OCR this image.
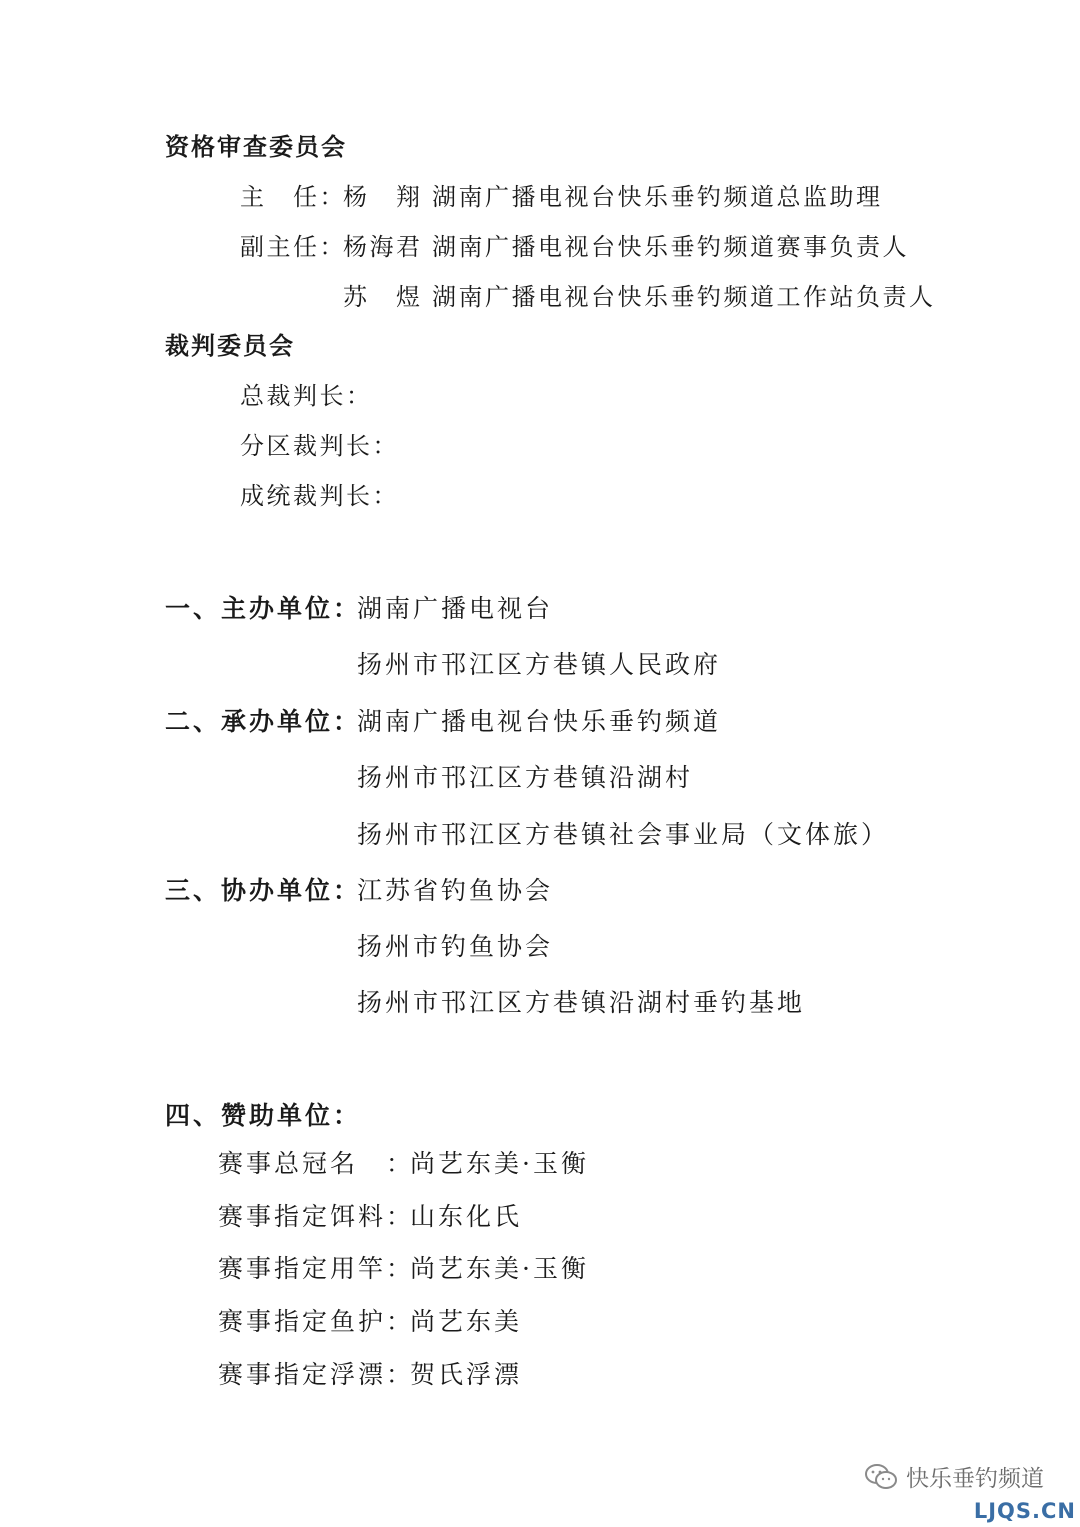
资格审查委员会
主　任：
杨　翔 湖南广播电视台快乐垂钓频道总监助理
副主任：
杨海君 湖南广播电视台快乐垂钓频道赛事负责人
苏　煜 湖南广播电视台快乐垂钓频道工作站负责人
裁判委员会
总裁判长：
分区裁判长：
成统裁判长：
一、主办单位：
湖南广播电视台
扬州市邗江区方巷镇人民政府
二、承办单位：
湖南广播电视台快乐垂钓频道
扬州市邗江区方巷镇沿湖村
扬州市邗江区方巷镇社会事业局（文体旅）
三、协办单位：
江苏省钓鱼协会
扬州市钓鱼协会
扬州市邗江区方巷镇沿湖村垂钓基地
四、赞助单位：
赛事总冠名　：
尚艺东美·玉衡
赛事指定饵料：
山东化氏
赛事指定用竿：
尚艺东美·玉衡
赛事指定鱼护：
尚艺东美
赛事指定浮漂：
贺氏浮漂
快乐垂钓频道
LJQS.CN
